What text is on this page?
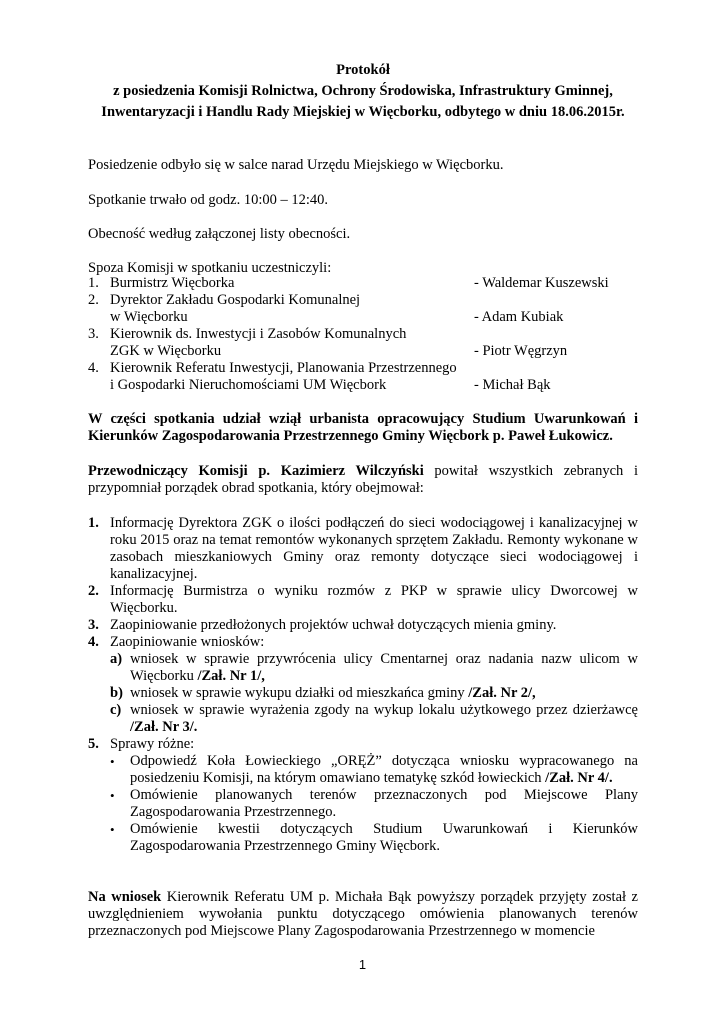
Protokół
z posiedzenia Komisji Rolnictwa, Ochrony Środowiska, Infrastruktury Gminnej,
Inwentaryzacji i Handlu Rady Miejskiej w Więcborku, odbytego w dniu 18.06.2015r.
Posiedzenie odbyło się w salce narad Urzędu Miejskiego w Więcborku.
Spotkanie trwało od godz. 10:00 – 12:40.
Obecność według załączonej listy obecności.
Spoza Komisji w spotkaniu uczestniczyli:
1. Burmistrz Więcborka	- Waldemar Kuszewski
2. Dyrektor Zakładu Gospodarki Komunalnej
w Więcborku	- Adam Kubiak
3. Kierownik ds. Inwestycji i Zasobów Komunalnych
ZGK w Więcborku	- Piotr Węgrzyn
4. Kierownik Referatu Inwestycji, Planowania Przestrzennego
i Gospodarki Nieruchomościami UM Więcbork	- Michał Bąk
W części spotkania udział wziął urbanista opracowujący Studium Uwarunkowań i Kierunków Zagospodarowania Przestrzennego Gminy Więcbork p. Paweł Łukowicz.
Przewodniczący Komisji p. Kazimierz Wilczyński powitał wszystkich zebranych i przypomniał porządek obrad spotkania, który obejmował:
1. Informację Dyrektora ZGK o ilości podłączeń do sieci wodociągowej i kanalizacyjnej w roku 2015 oraz na temat remontów wykonanych sprzętem Zakładu. Remonty wykonane w zasobach mieszkaniowych Gminy oraz remonty dotyczące sieci wodociągowej i kanalizacyjnej.
2. Informację Burmistrza o wyniku rozmów z PKP w sprawie ulicy Dworcowej w Więcborku.
3. Zaopiniowanie przedłożonych projektów uchwał dotyczących mienia gminy.
4. Zaopiniowanie wniosków:
a) wniosek w sprawie przywrócenia ulicy Cmentarnej oraz nadania nazw ulicom w Więcborku /Zał. Nr 1/,
b) wniosek w sprawie wykupu działki od mieszkańca gminy /Zał. Nr 2/,
c) wniosek w sprawie wyrażenia zgody na wykup lokalu użytkowego przez dzierżawcę /Zał. Nr 3/.
5. Sprawy różne:
• Odpowiedź Koła Łowieckiego „ORĘŻ” dotycząca wniosku wypracowanego na posiedzeniu Komisji, na którym omawiano tematykę szkód łowieckich /Zał. Nr 4/.
• Omówienie planowanych terenów przeznaczonych pod Miejscowe Plany Zagospodarowania Przestrzennego.
• Omówienie kwestii dotyczących Studium Uwarunkowań i Kierunków Zagospodarowania Przestrzennego Gminy Więcbork.
Na wniosek Kierownik Referatu UM p. Michała Bąk powyższy porządek przyjęty został z uwzględnieniem wywołania punktu dotyczącego omówienia planowanych terenów przeznaczonych pod Miejscowe Plany Zagospodarowania Przestrzennego w momencie
1
